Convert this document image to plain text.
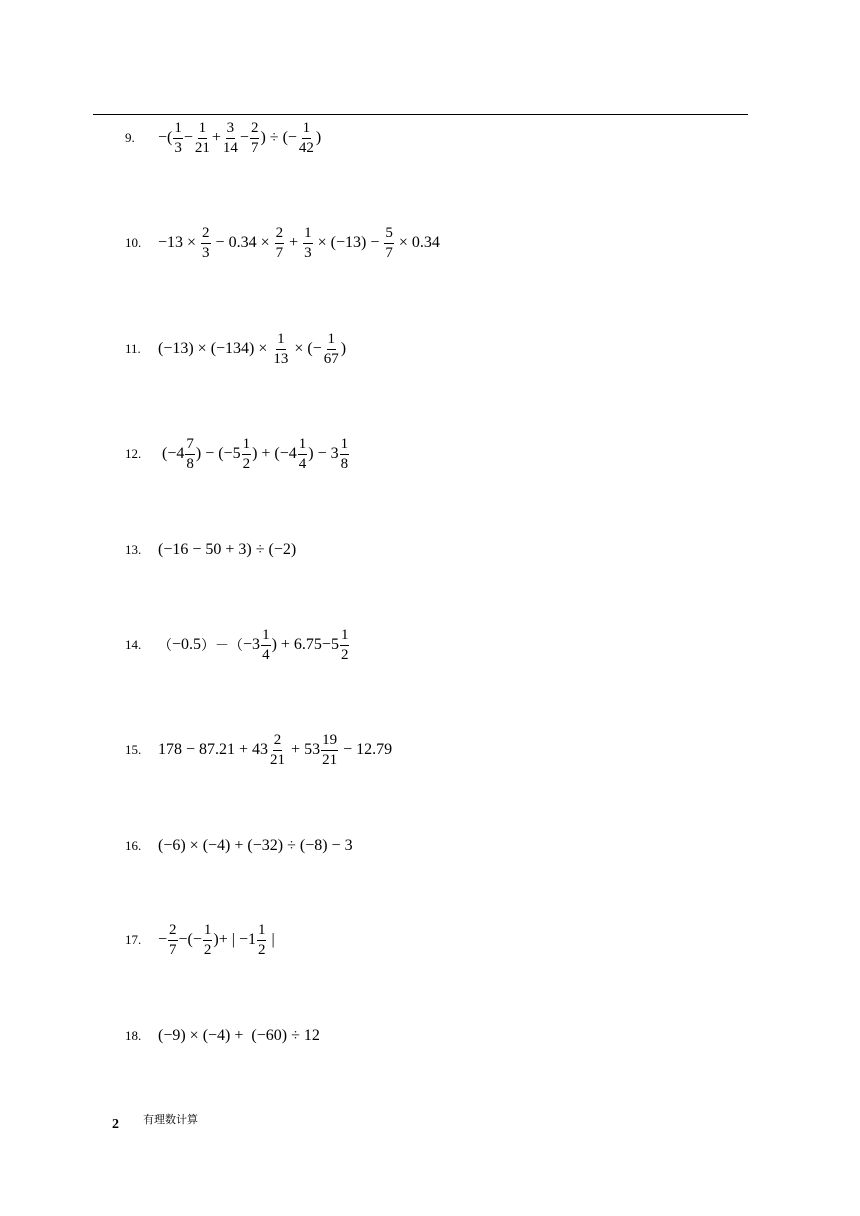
9. −( $\frac{1}{3} - \frac{1}{21} + \frac{3}{14} - \frac{2}{7}$ ) ÷ (− $\frac{1}{42}$ )
10. $-13 \times \frac{2}{3} - 0.34 \times \frac{2}{7} + \frac{1}{3} \times (-13) - \frac{5}{7} \times 0.34$
11. $(-13) \times (-134) \times \frac{1}{13}$ × (− $\frac{1}{67}$ )
12. ($-4 \frac{7}{8}$ ) − ($-5 \frac{1}{2}$ ) + ($-4 \frac{1}{4}$ ) − $3 \frac{1}{8}$
13. (−16 − 50 + 3) ÷ (−2)
14. （ −0.5 ）－（ $-3 \frac{1}{4}$ ) + $6.75-5 \frac{1}{2}$
15. $178 - 87.21 + 43 \frac{2}{21} + 53 \frac{19}{21} - 12.79$
16. (−6) × (−4) + (−32) ÷ (−8) − 3
17. − $\frac{2}{7}$ −(− $\frac{1}{2}$ )+ | $-1 \frac{1}{2}$ |
18. (−9) × (−4) +  (−60) ÷ 12
2 有理数计算
